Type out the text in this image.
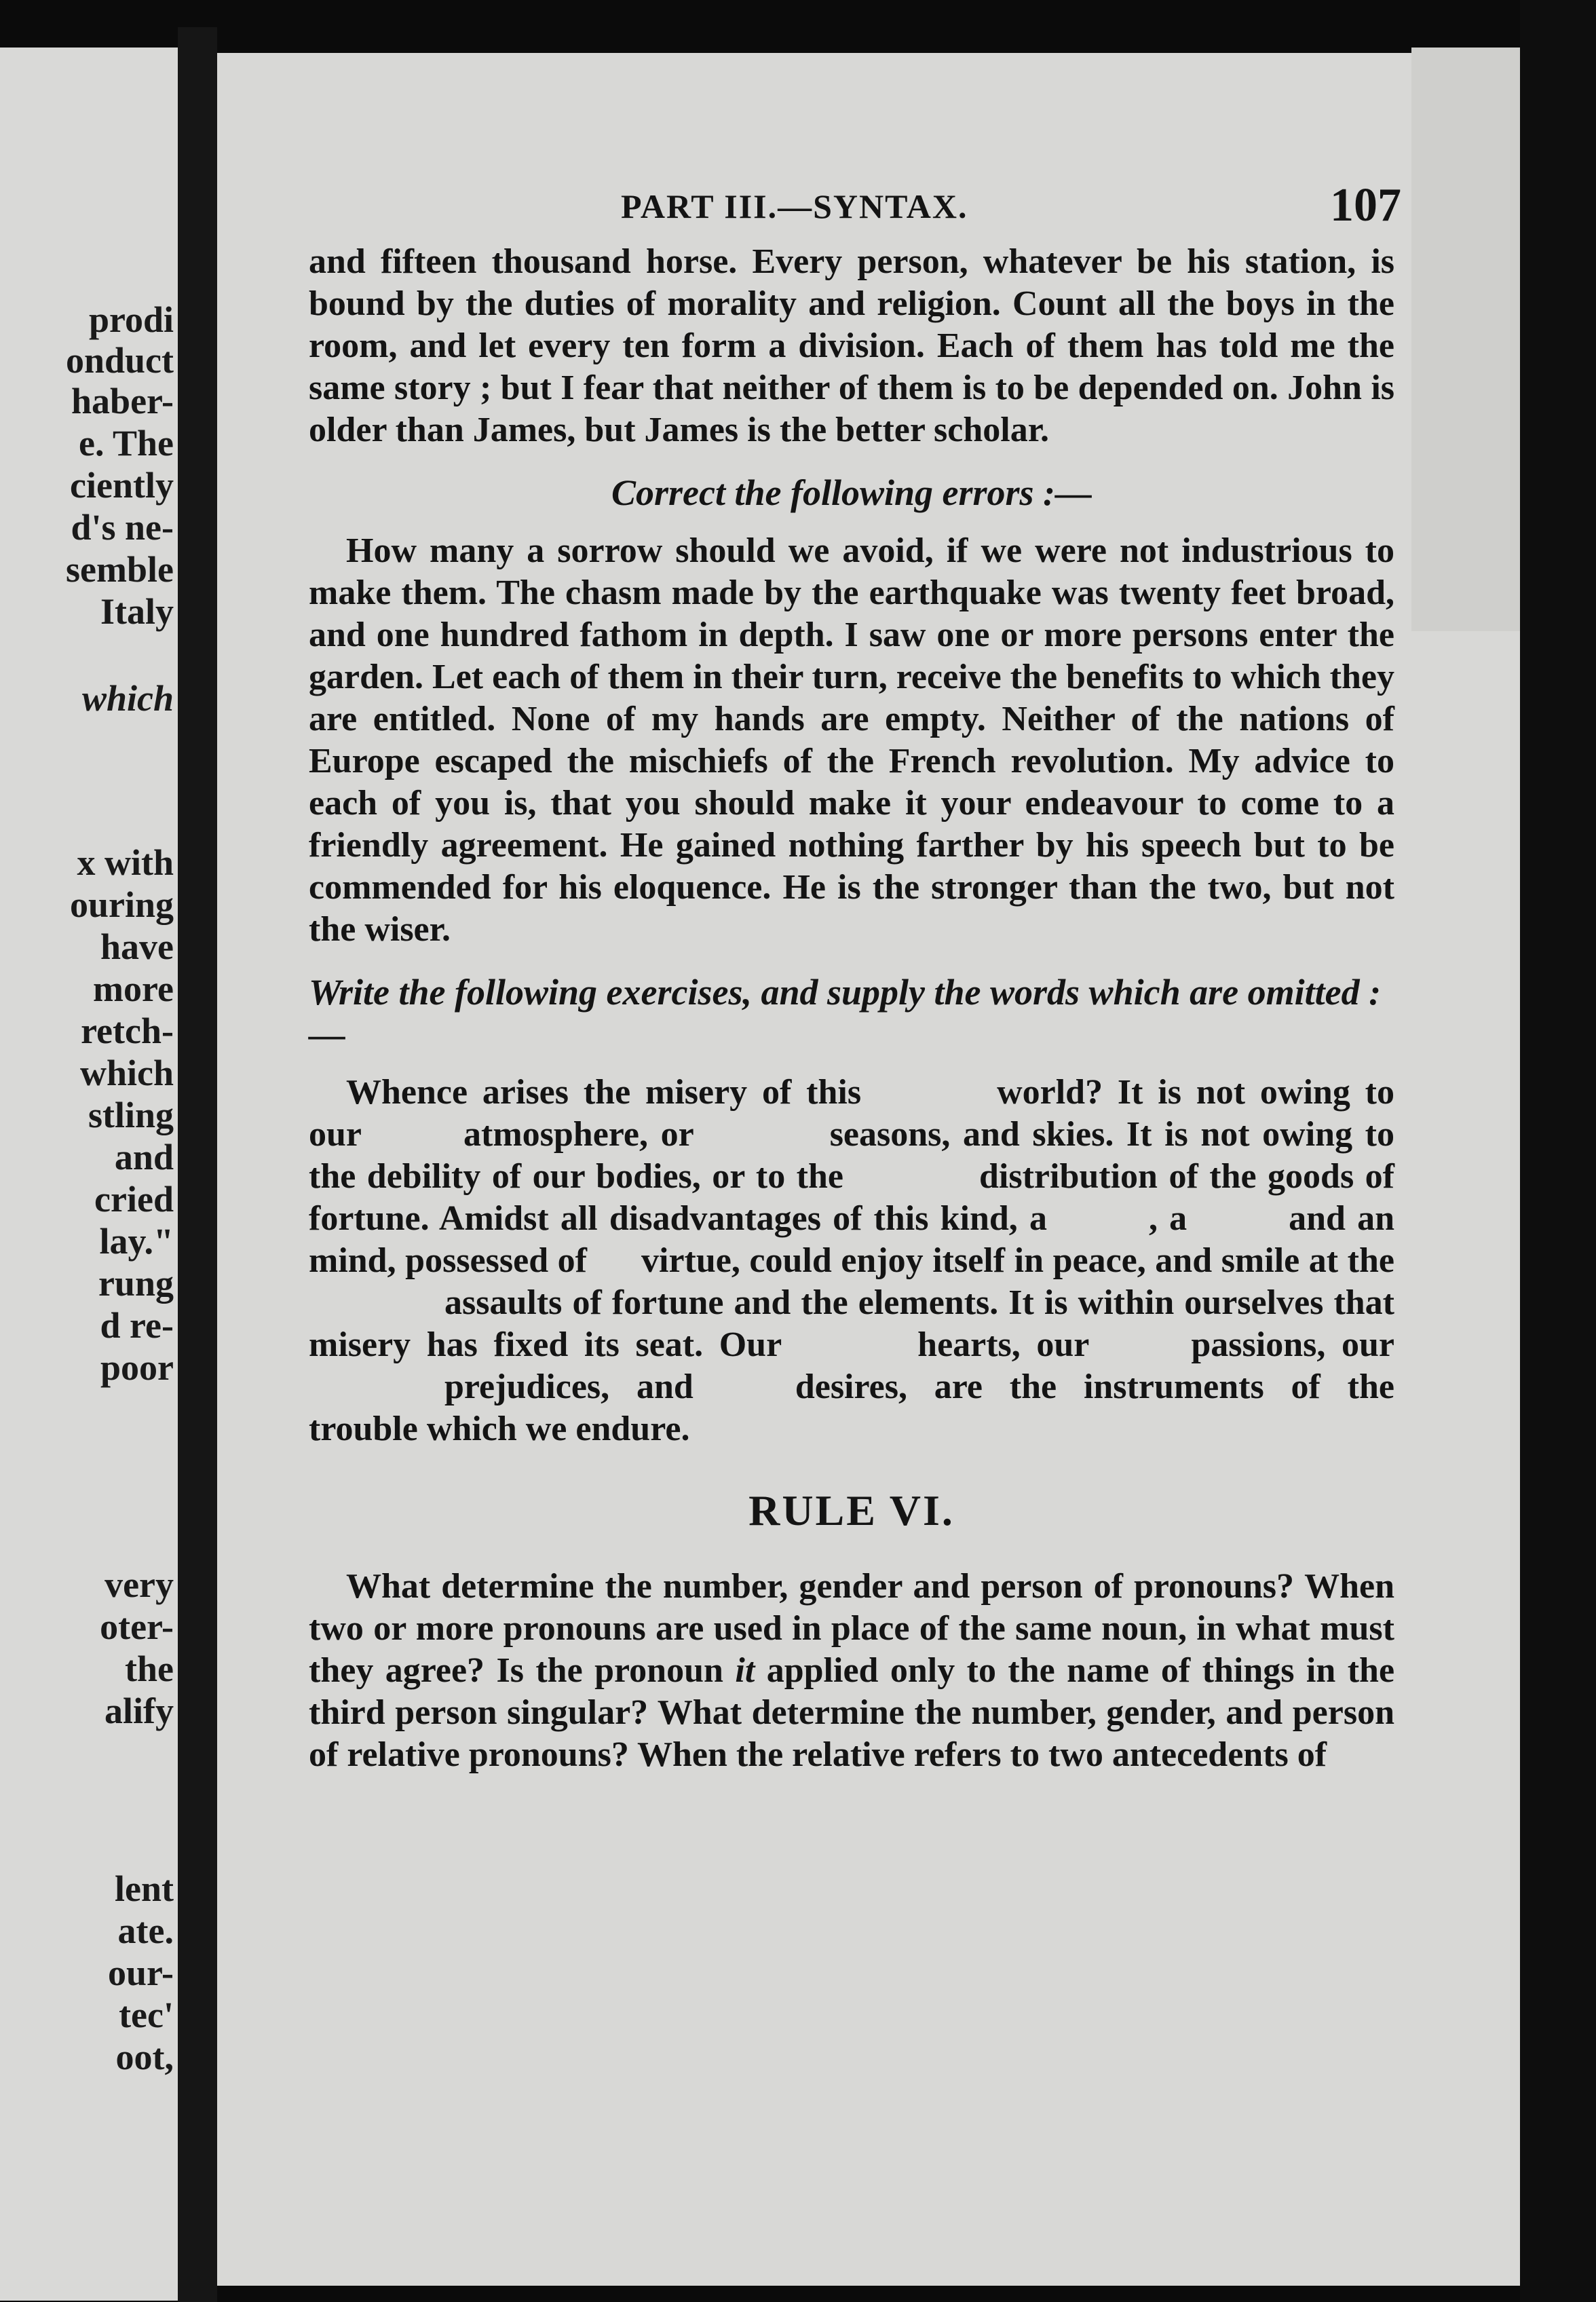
prodi
onduct
haber-
e. The
ciently
d's ne-
semble
Italy
which
x with
ouring
have
more
retch-
which
stling
and
cried
lay."
rung
d re-
poor
very
oter-
the
alify
lent
ate.
our-
tec'
oot,
PART III.—SYNTAX.	107

and fifteen thousand horse. Every person, whatever be his station, is bound by the duties of morality and religion. Count all the boys in the room, and let every ten form a division. Each of them has told me the same story ; but I fear that neither of them is to be depended on. John is older than James, but James is the better scholar.

Correct the following errors :—

How many a sorrow should we avoid, if we were not industrious to make them. The chasm made by the earthquake was twenty feet broad, and one hundred fathom in depth. I saw one or more persons enter the garden. Let each of them in their turn, receive the benefits to which they are entitled. None of my hands are empty. Neither of the nations of Europe escaped the mischiefs of the French revolution. My advice to each of you is, that you should make it your endeavour to come to a friendly agreement. He gained nothing farther by his speech but to be commended for his eloquence. He is the stronger than the two, but not the wiser.

Write the following exercises, and supply the words which are omitted :—

Whence arises the misery of this	world? It is not owing to our	atmosphere, or	seasons, and skies. It is not owing to the debility of our bodies, or to the	distribution of the goods of fortune. Amidst all disadvantages of this kind, a	, a	and an mind, possessed of virtue, could enjoy itself in peace, and smile at theassaults of fortune and the elements. It is within ourselves that misery has fixed its seat. Our	hearts, our	passions, ourprejudices, and	desires, are the instruments of the trouble which we endure.

RULE VI.

What determine the number, gender and person of pronouns? When two or more pronouns are used in place of the same noun, in what must they agree? Is the pronoun it applied only to the name of things in the third person singular? What determine the number, gender, and person of relative pronouns? When the relative refers to two antecedents of
